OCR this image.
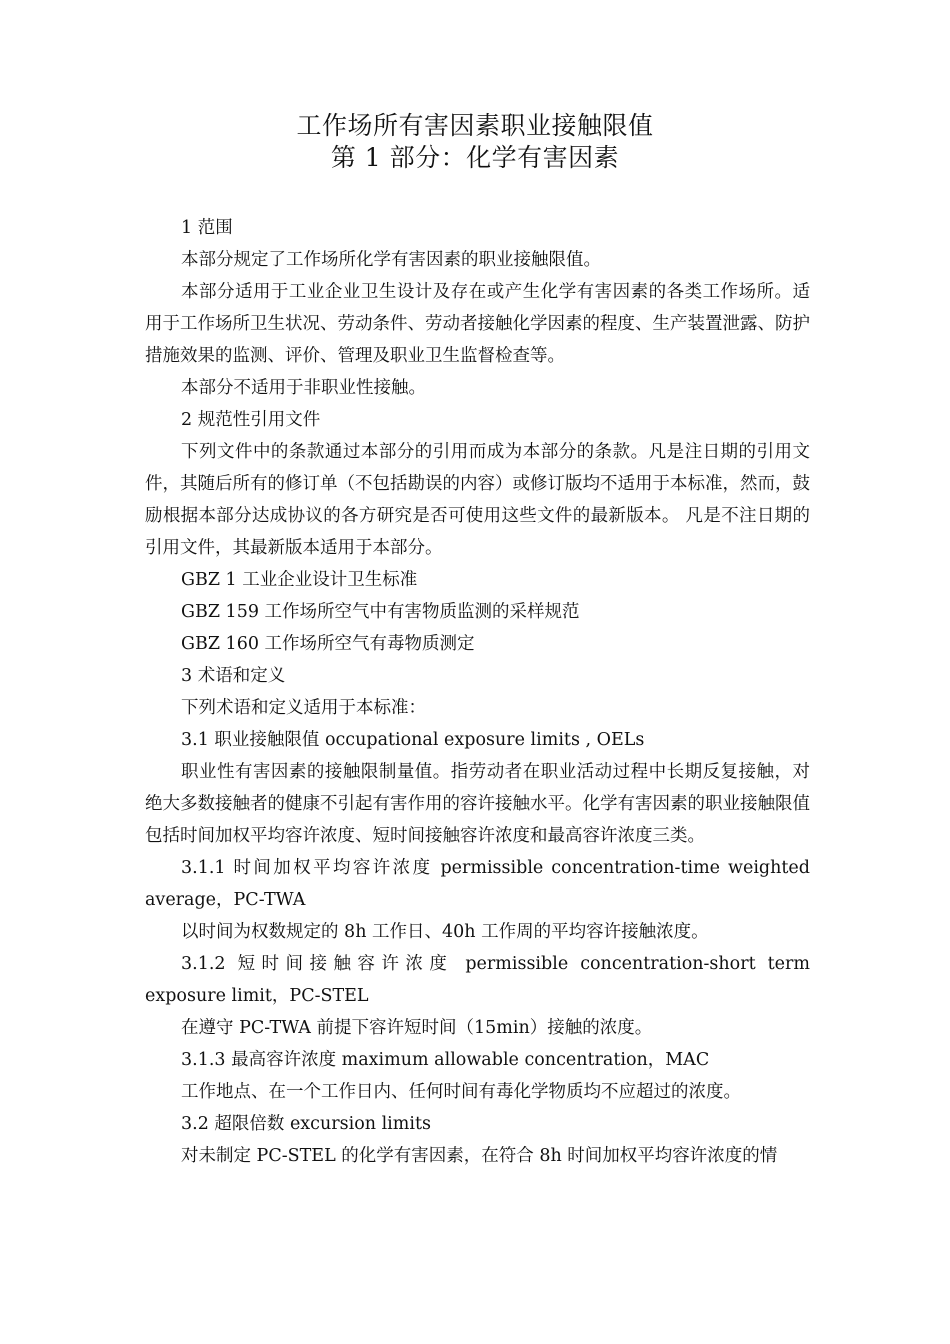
工作场所有害因素职业接触限值
第 1 部分：化学有害因素

1 范围

本部分规定了工作场所化学有害因素的职业接触限值。

本部分适用于工业企业卫生设计及存在或产生化学有害因素的各类工作场所。适用于工作场所卫生状况、劳动条件、劳动者接触化学因素的程度、生产装置泄露、防护措施效果的监测、评价、管理及职业卫生监督检查等。

本部分不适用于非职业性接触。

2 规范性引用文件

下列文件中的条款通过本部分的引用而成为本部分的条款。凡是注日期的引用文件，其随后所有的修订单（不包括勘误的内容）或修订版均不适用于本标准，然而，鼓励根据本部分达成协议的各方研究是否可使用这些文件的最新版本。 凡是不注日期的引用文件，其最新版本适用于本部分。

GBZ 1 工业企业设计卫生标准

GBZ 159 工作场所空气中有害物质监测的采样规范

GBZ 160 工作场所空气有毒物质测定

3 术语和定义

下列术语和定义适用于本标准：

3.1 职业接触限值 occupational exposure limits , OELs

职业性有害因素的接触限制量值。指劳动者在职业活动过程中长期反复接触，对绝大多数接触者的健康不引起有害作用的容许接触水平。化学有害因素的职业接触限值包括时间加权平均容许浓度、短时间接触容许浓度和最高容许浓度三类。

3.1.1 时间加权平均容许浓度 permissible concentration-time weighted average，PC-TWA

以时间为权数规定的 8h 工作日、40h 工作周的平均容许接触浓度。

3.1.2 短时间接触容许浓度 permissible concentration-short term exposure limit，PC-STEL

在遵守 PC-TWA 前提下容许短时间（15min）接触的浓度。

3.1.3 最高容许浓度 maximum allowable concentration，MAC

工作地点、在一个工作日内、任何时间有毒化学物质均不应超过的浓度。

3.2 超限倍数 excursion limits

对未制定 PC-STEL 的化学有害因素，在符合 8h 时间加权平均容许浓度的情
